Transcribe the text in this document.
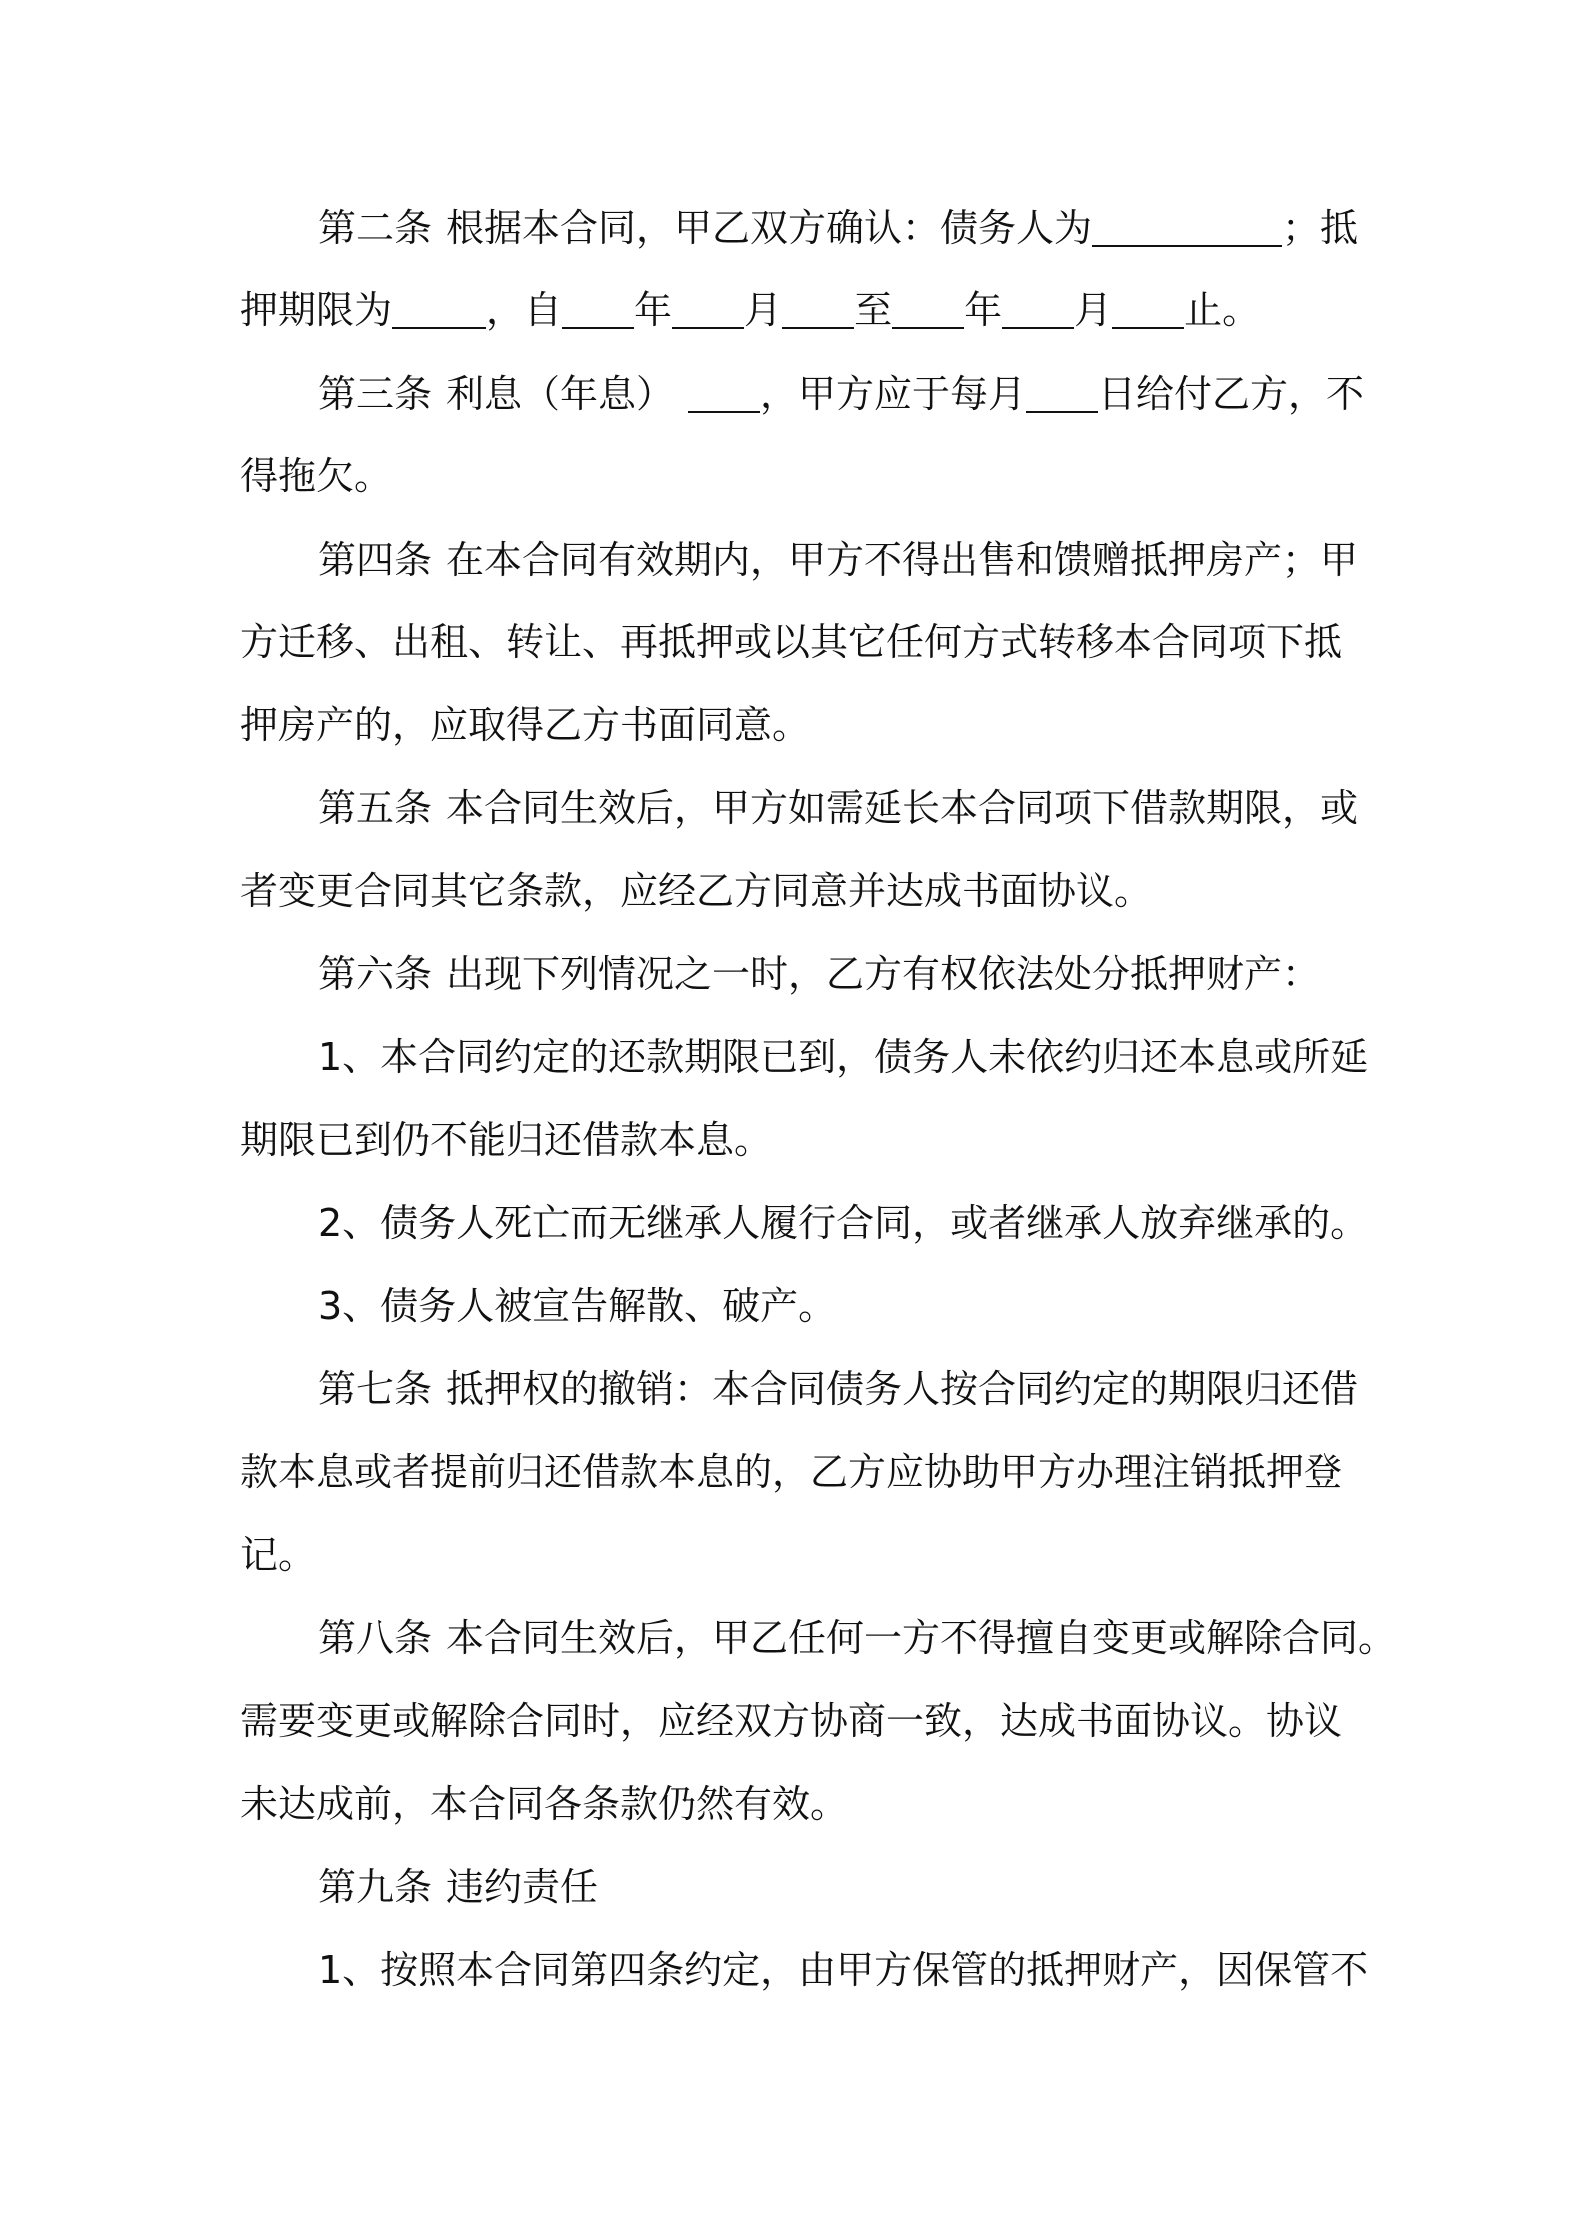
第二条 根据本合同，甲乙双方确认：债务人为	；抵
押期限为 ，自 年 月 至 年 月 止。
第三条 利息（年息） ，甲方应于每月 日给付乙方，不
得拖欠。
第四条 在本合同有效期内，甲方不得出售和馈赠抵押房产；甲
方迁移、出租、转让、再抵押或以其它任何方式转移本合同项下抵
押房产的，应取得乙方书面同意。
第五条 本合同生效后，甲方如需延长本合同项下借款期限，或
者变更合同其它条款，应经乙方同意并达成书面协议。
第六条 出现下列情况之一时，乙方有权依法处分抵押财产：
1、本合同约定的还款期限已到，债务人未依约归还本息或所延
期限已到仍不能归还借款本息。
2、债务人死亡而无继承人履行合同，或者继承人放弃继承的。
3、债务人被宣告解散、破产。
第七条 抵押权的撤销：本合同债务人按合同约定的期限归还借
款本息或者提前归还借款本息的，乙方应协助甲方办理注销抵押登
记。
第八条 本合同生效后，甲乙任何一方不得擅自变更或解除合同。
需要变更或解除合同时，应经双方协商一致，达成书面协议。协议
未达成前，本合同各条款仍然有效。
第九条 违约责任
1、按照本合同第四条约定，由甲方保管的抵押财产，因保管不
